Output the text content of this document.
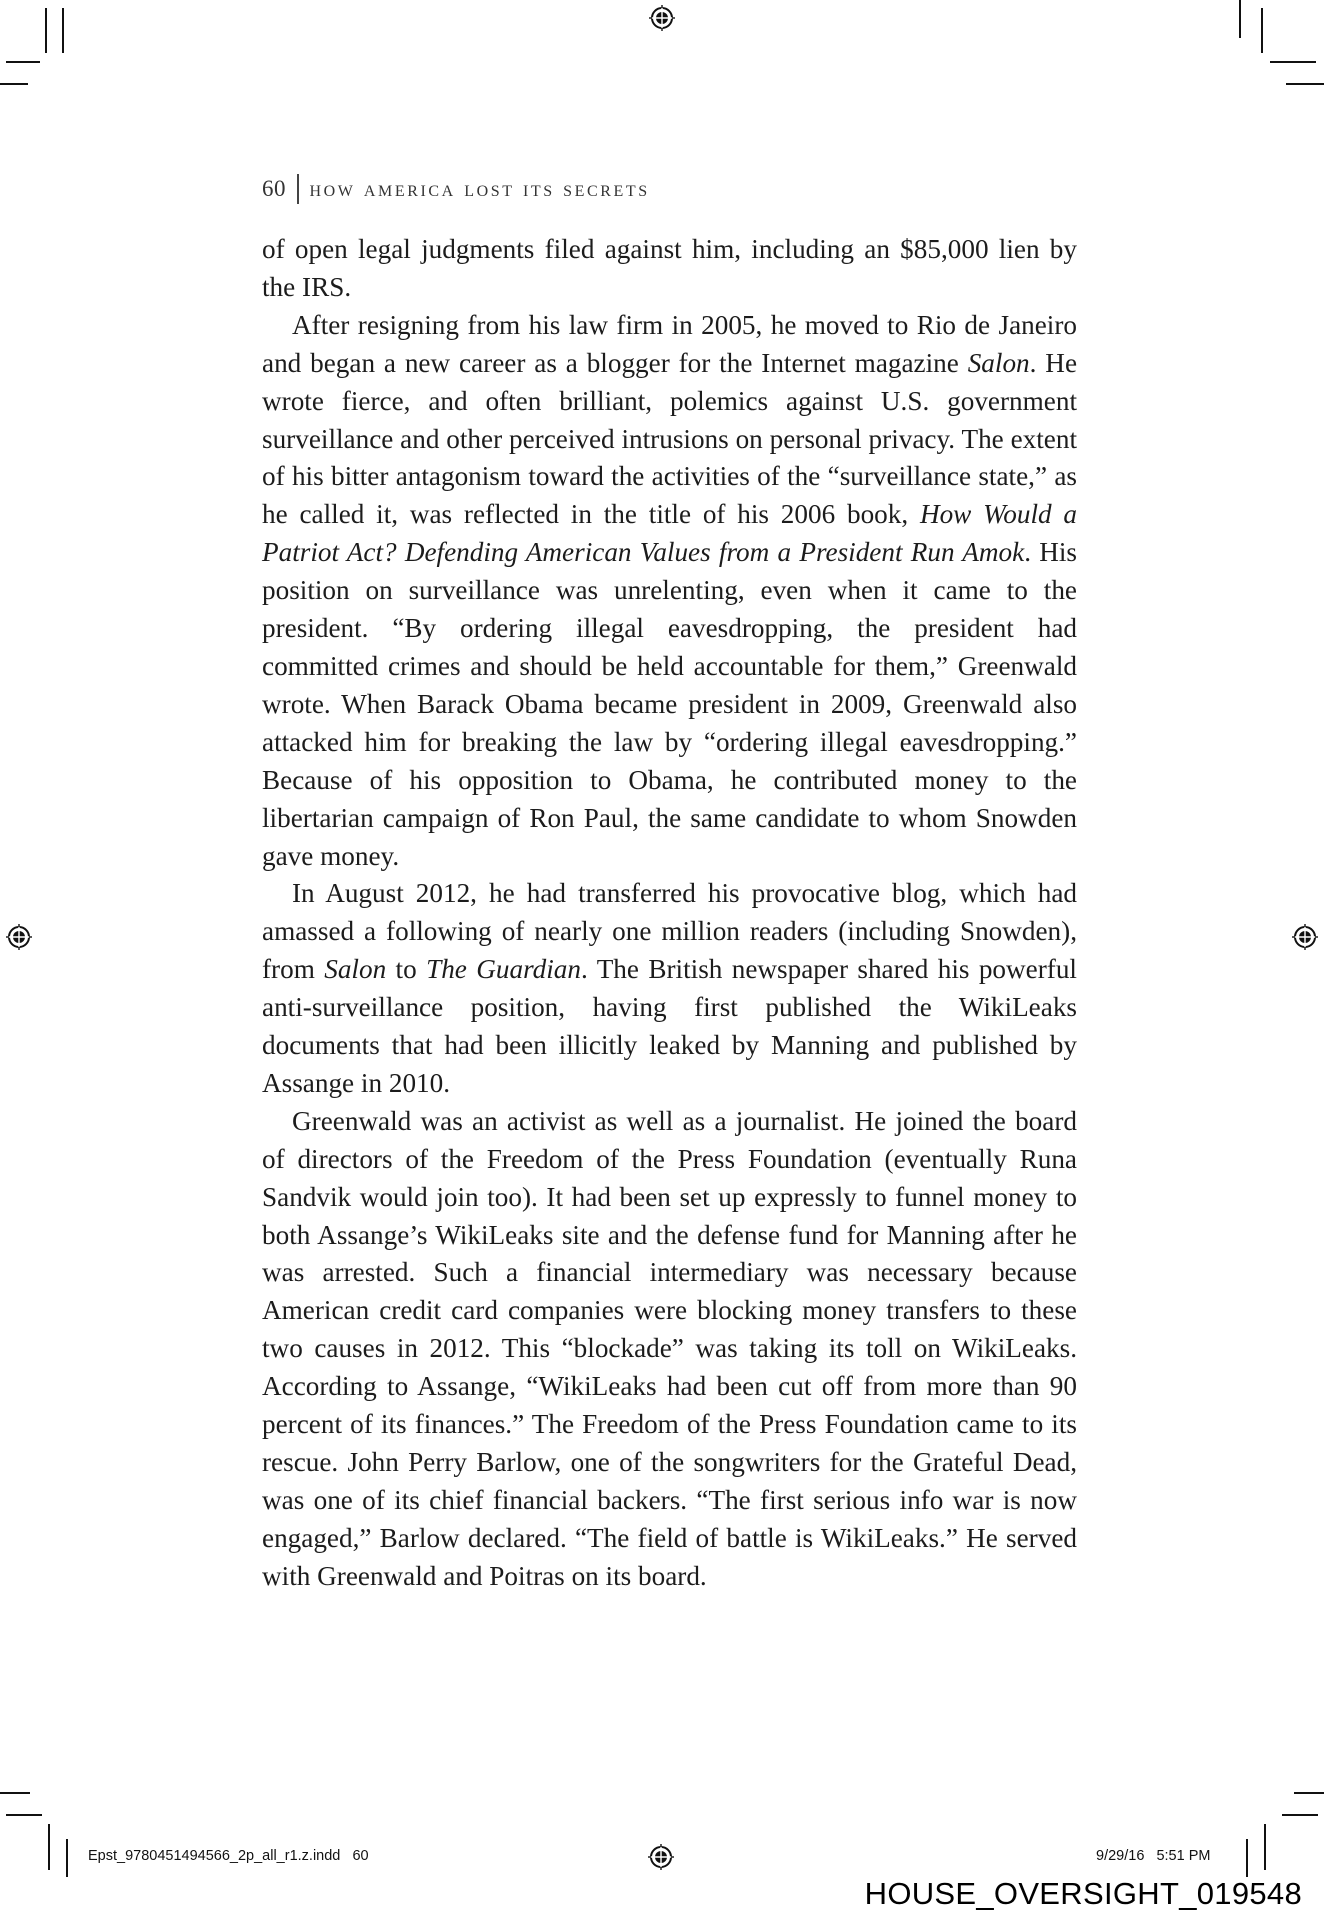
60 how america lost its secrets

of open legal judgments filed against him, including an $85,000 lien by the IRS.

After resigning from his law firm in 2005, he moved to Rio de Janeiro and began a new career as a blogger for the Internet magazine Salon. He wrote fierce, and often brilliant, polemics against U.S. government surveillance and other perceived intrusions on personal privacy. The extent of his bitter antagonism toward the activities of the “surveillance state,” as he called it, was reflected in the title of his 2006 book, How Would a Patriot Act? Defending American Values from a President Run Amok. His position on surveillance was unrelenting, even when it came to the president. “By ordering illegal eavesdropping, the president had committed crimes and should be held accountable for them,” Greenwald wrote. When Barack Obama became president in 2009, Greenwald also attacked him for breaking the law by “ordering illegal eavesdropping.” Because of his opposition to Obama, he contributed money to the libertarian campaign of Ron Paul, the same candidate to whom Snowden gave money.

In August 2012, he had transferred his provocative blog, which had amassed a following of nearly one million readers (including Snowden), from Salon to The Guardian. The British newspaper shared his powerful anti-surveillance position, having first published the WikiLeaks documents that had been illicitly leaked by Manning and published by Assange in 2010.

Greenwald was an activist as well as a journalist. He joined the board of directors of the Freedom of the Press Foundation (eventually Runa Sandvik would join too). It had been set up expressly to funnel money to both Assange’s WikiLeaks site and the defense fund for Manning after he was arrested. Such a financial intermediary was necessary because American credit card companies were blocking money transfers to these two causes in 2012. This “blockade” was taking its toll on WikiLeaks. According to Assange, “WikiLeaks had been cut off from more than 90 percent of its finances.” The Freedom of the Press Foundation came to its rescue. John Perry Barlow, one of the songwriters for the Grateful Dead, was one of its chief financial backers. “The first serious info war is now engaged,” Barlow declared. “The field of battle is WikiLeaks.” He served with Greenwald and Poitras on its board.

Epst_9780451494566_2p_all_r1.z.indd   60	9/29/16   5:51 PM
HOUSE_OVERSIGHT_019548
